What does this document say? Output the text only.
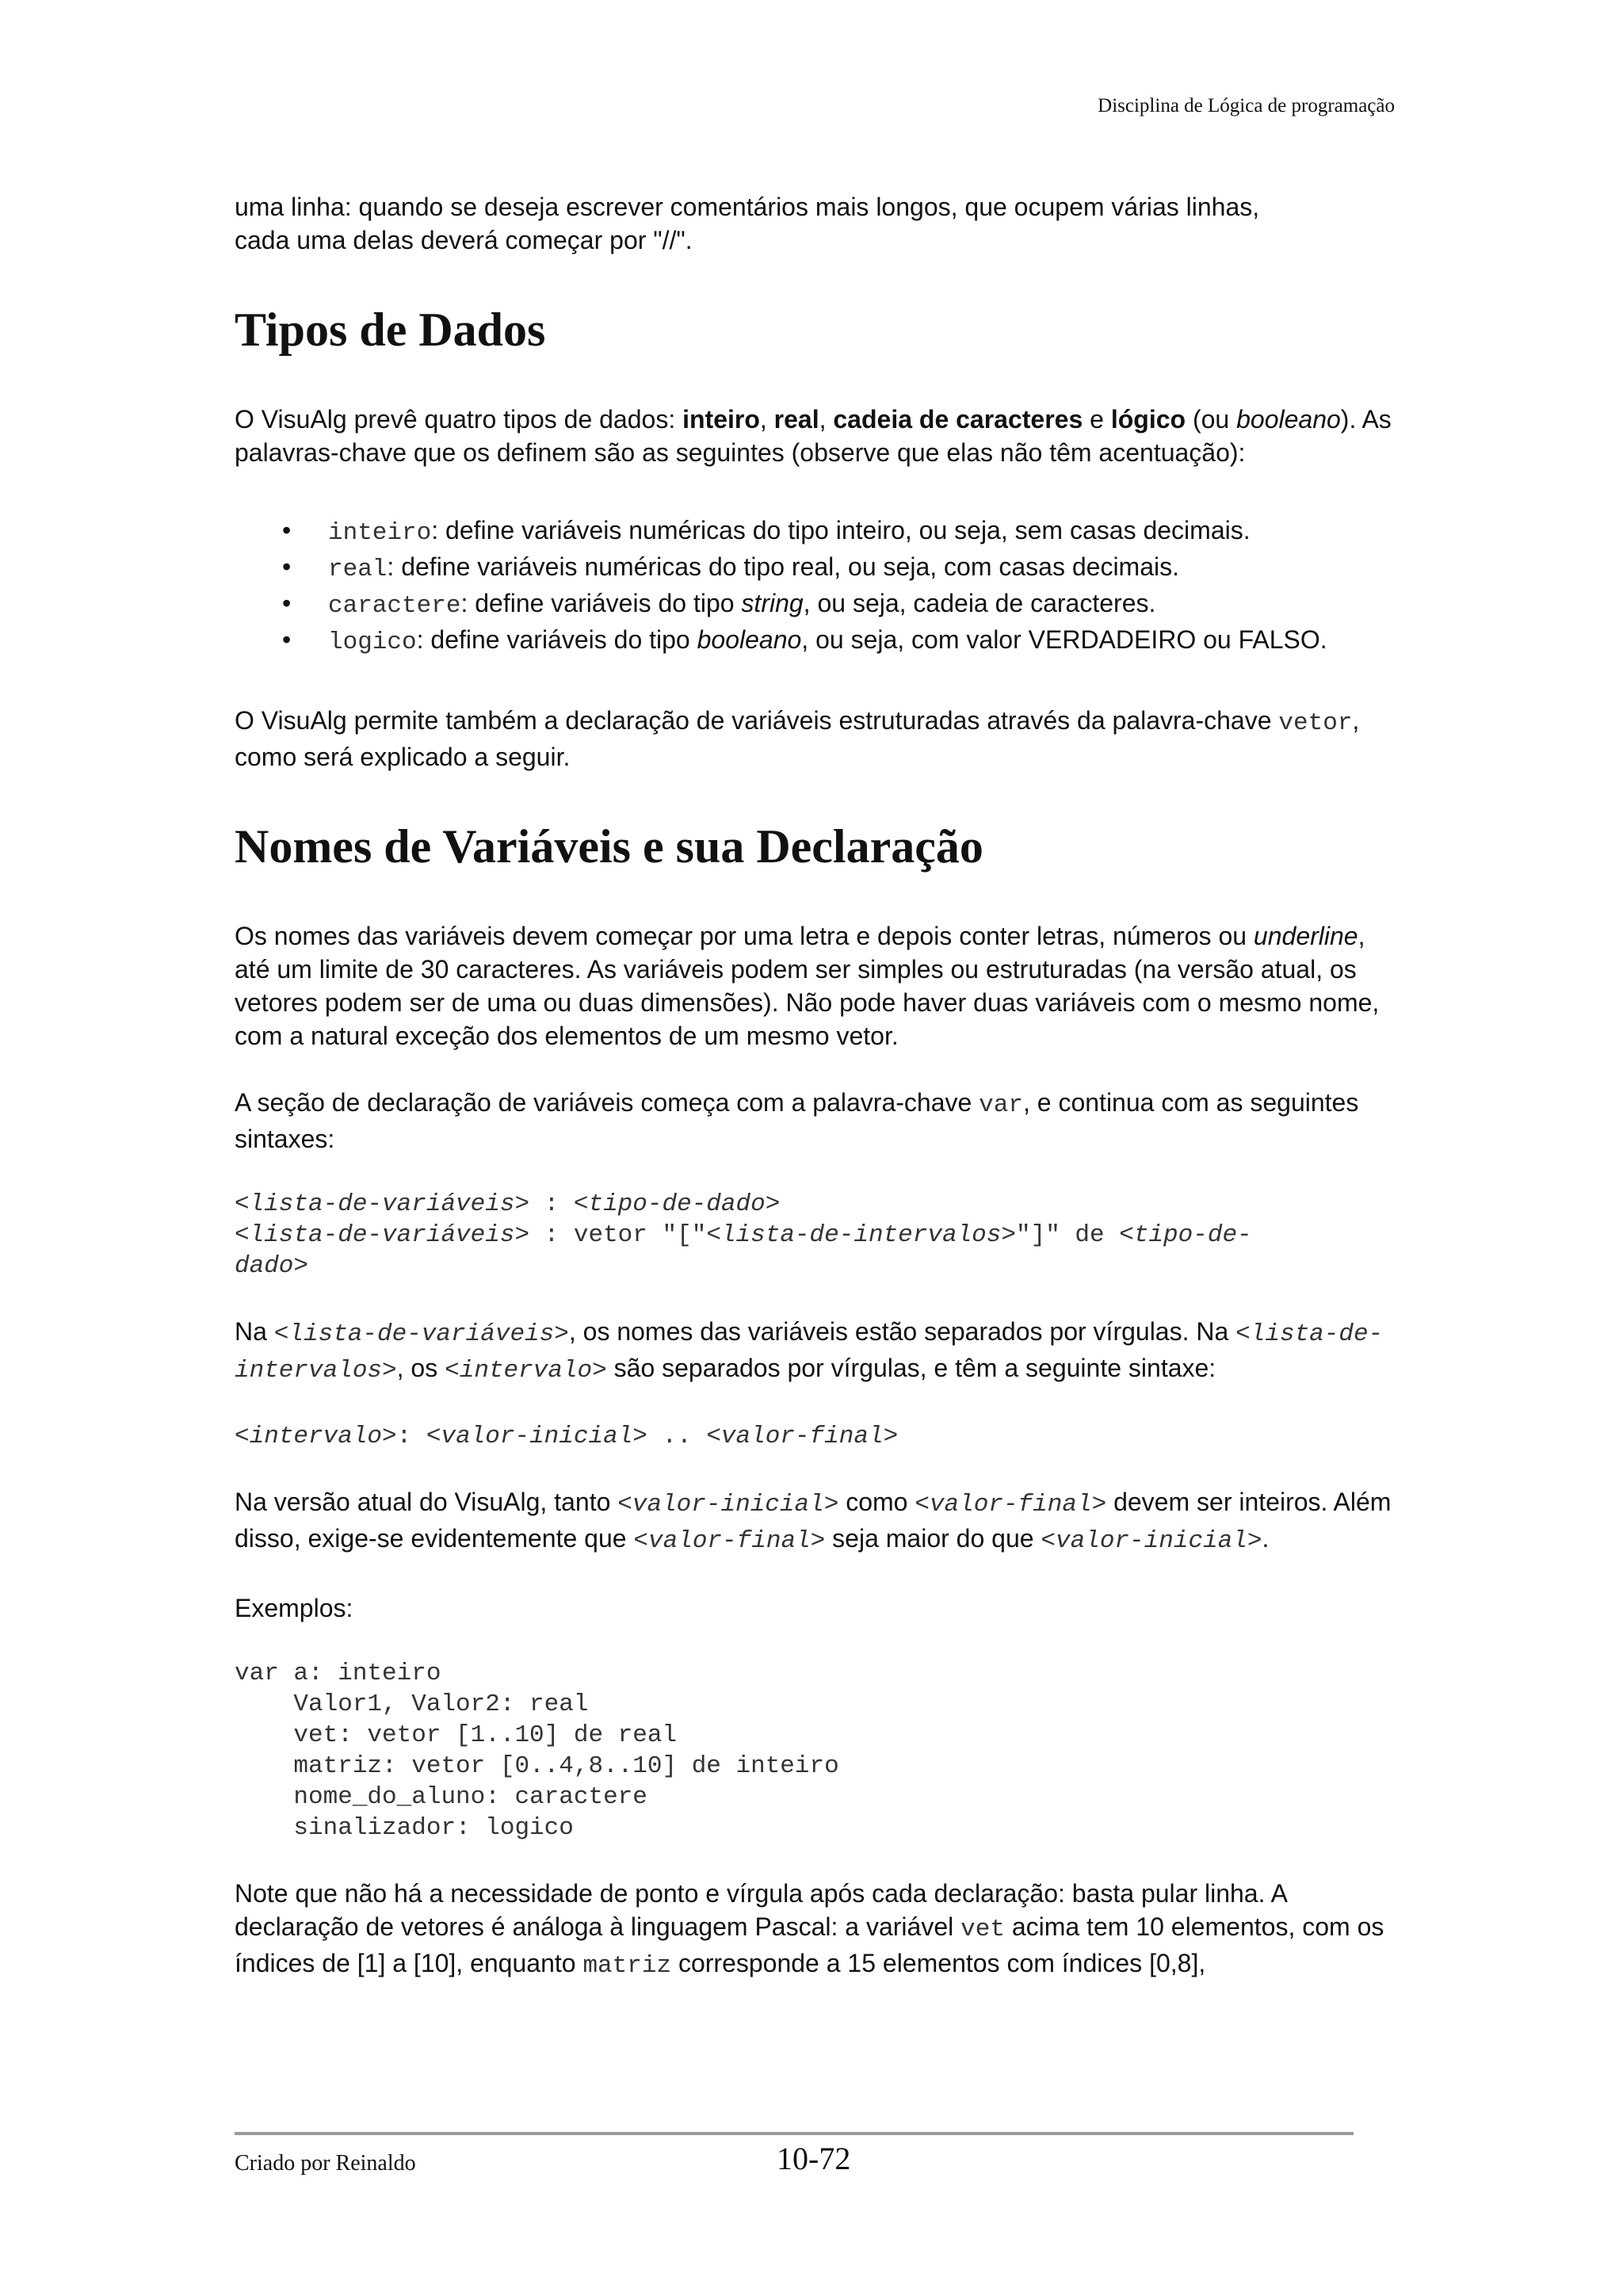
Disciplina de Lógica de programação

uma linha: quando se deseja escrever comentários mais longos, que ocupem várias linhas,
cada uma delas deverá começar por "//".

Tipos de Dados

O VisuAlg prevê quatro tipos de dados: inteiro, real, cadeia de caracteres e lógico (ou booleano). As palavras-chave que os definem são as seguintes (observe que elas não têm acentuação):

• inteiro: define variáveis numéricas do tipo inteiro, ou seja, sem casas decimais.
• real: define variáveis numéricas do tipo real, ou seja, com casas decimais.
• caractere: define variáveis do tipo string, ou seja, cadeia de caracteres.
• logico: define variáveis do tipo booleano, ou seja, com valor VERDADEIRO ou FALSO.

O VisuAlg permite também a declaração de variáveis estruturadas através da palavra-chave vetor, como será explicado a seguir.

Nomes de Variáveis e sua Declaração

Os nomes das variáveis devem começar por uma letra e depois conter letras, números ou underline, até um limite de 30 caracteres. As variáveis podem ser simples ou estruturadas (na versão atual, os vetores podem ser de uma ou duas dimensões). Não pode haver duas variáveis com o mesmo nome, com a natural exceção dos elementos de um mesmo vetor.

A seção de declaração de variáveis começa com a palavra-chave var, e continua com as seguintes sintaxes:

<lista-de-variáveis> : <tipo-de-dado>
<lista-de-variáveis> : vetor "["<lista-de-intervalos>"]" de <tipo-de-
dado>

Na <lista-de-variáveis>, os nomes das variáveis estão separados por vírgulas. Na <lista-de-intervalos>, os <intervalo> são separados por vírgulas, e têm a seguinte sintaxe:

<intervalo>: <valor-inicial> .. <valor-final>

Na versão atual do VisuAlg, tanto <valor-inicial> como <valor-final> devem ser inteiros. Além disso, exige-se evidentemente que <valor-final> seja maior do que <valor-inicial>.

Exemplos:

var a: inteiro
Valor1, Valor2: real
vet: vetor [1..10] de real
matriz: vetor [0..4,8..10] de inteiro
nome_do_aluno: caractere
sinalizador: logico

Note que não há a necessidade de ponto e vírgula após cada declaração: basta pular linha. A declaração de vetores é análoga à linguagem Pascal: a variável vet acima tem 10 elementos, com os índices de [1] a [10], enquanto matriz corresponde a 15 elementos com índices [0,8],

Criado por Reinaldo	10-72
